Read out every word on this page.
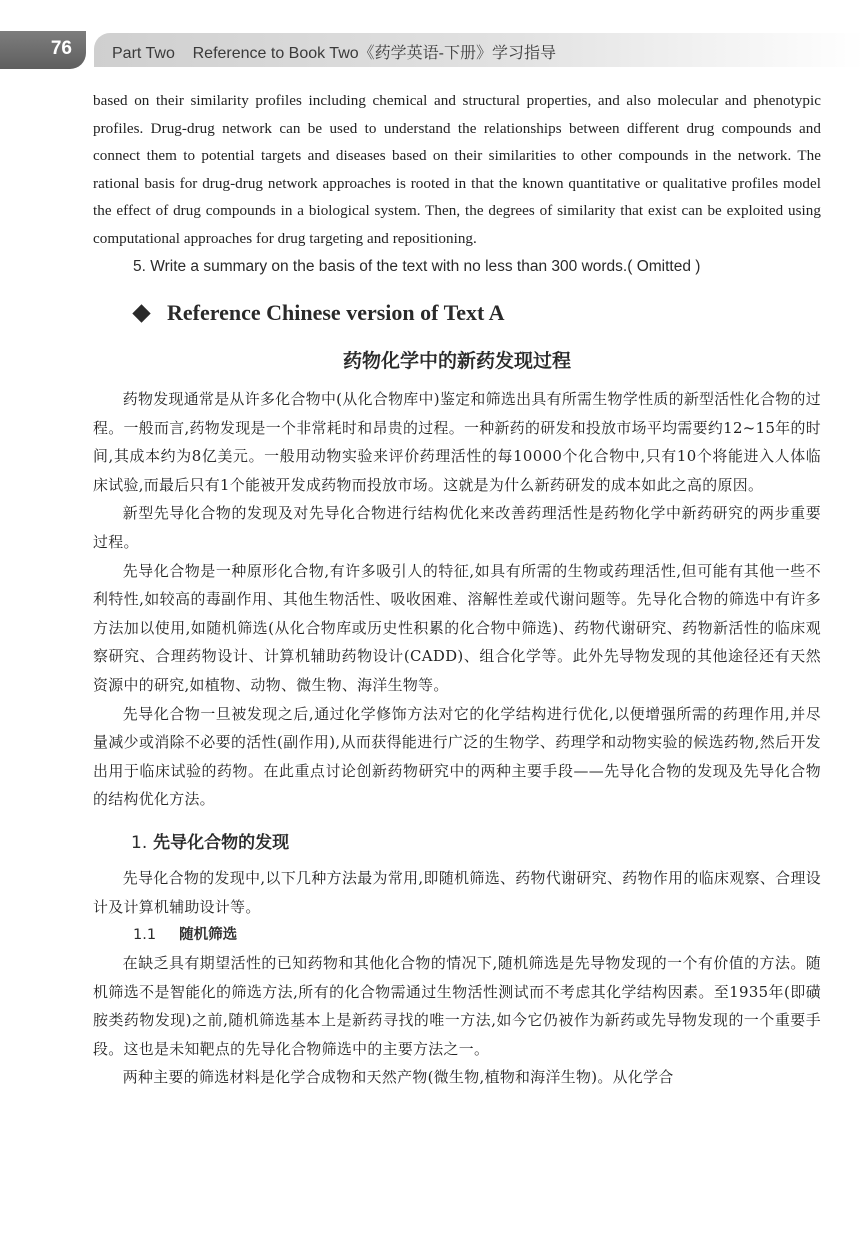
76	Part Two    Reference to Book Two《药学英语-下册》学习指导

based on their similarity profiles including chemical and structural properties, and also molecular and phenotypic profiles. Drug-drug network can be used to understand the relationships between different drug compounds and connect them to potential targets and diseases based on their similarities to other compounds in the network. The rational basis for drug-drug network approaches is rooted in that the known quantitative or qualitative profiles model the effect of drug compounds in a biological system. Then, the degrees of similarity that exist can be exploited using computational approaches for drug targeting and repositioning.

5. Write a summary on the basis of the text with no less than 300 words.( Omitted )

Reference Chinese version of Text A
药物化学中的新药发现过程

药物发现通常是从许多化合物中(从化合物库中)鉴定和筛选出具有所需生物学性质的新型活性化合物的过程。一般而言,药物发现是一个非常耗时和昂贵的过程。一种新药的研发和投放市场平均需要约12~15年的时间,其成本约为8亿美元。一般用动物实验来评价药理活性的每10000个化合物中,只有10个将能进入人体临床试验,而最后只有1个能被开发成药物而投放市场。这就是为什么新药研发的成本如此之高的原因。

新型先导化合物的发现及对先导化合物进行结构优化来改善药理活性是药物化学中新药研究的两步重要过程。

先导化合物是一种原形化合物,有许多吸引人的特征,如具有所需的生物或药理活性,但可能有其他一些不利特性,如较高的毒副作用、其他生物活性、吸收困难、溶解性差或代谢问题等。先导化合物的筛选中有许多方法加以使用,如随机筛选(从化合物库或历史性积累的化合物中筛选)、药物代谢研究、药物新活性的临床观察研究、合理药物设计、计算机辅助药物设计(CADD)、组合化学等。此外先导物发现的其他途径还有天然资源中的研究,如植物、动物、微生物、海洋生物等。

先导化合物一旦被发现之后,通过化学修饰方法对它的化学结构进行优化,以便增强所需的药理作用,并尽量减少或消除不必要的活性(副作用),从而获得能进行广泛的生物学、药理学和动物实验的候选药物,然后开发出用于临床试验的药物。在此重点讨论创新药物研究中的两种主要手段——先导化合物的发现及先导化合物的结构优化方法。

1. 先导化合物的发现

先导化合物的发现中,以下几种方法最为常用,即随机筛选、药物代谢研究、药物作用的临床观察、合理设计及计算机辅助设计等。

1.1 随机筛选

在缺乏具有期望活性的已知药物和其他化合物的情况下,随机筛选是先导物发现的一个有价值的方法。随机筛选不是智能化的筛选方法,所有的化合物需通过生物活性测试而不考虑其化学结构因素。至1935年(即磺胺类药物发现)之前,随机筛选基本上是新药寻找的唯一方法,如今它仍被作为新药或先导物发现的一个重要手段。这也是未知靶点的先导化合物筛选中的主要方法之一。

两种主要的筛选材料是化学合成物和天然产物(微生物,植物和海洋生物)。从化学合
